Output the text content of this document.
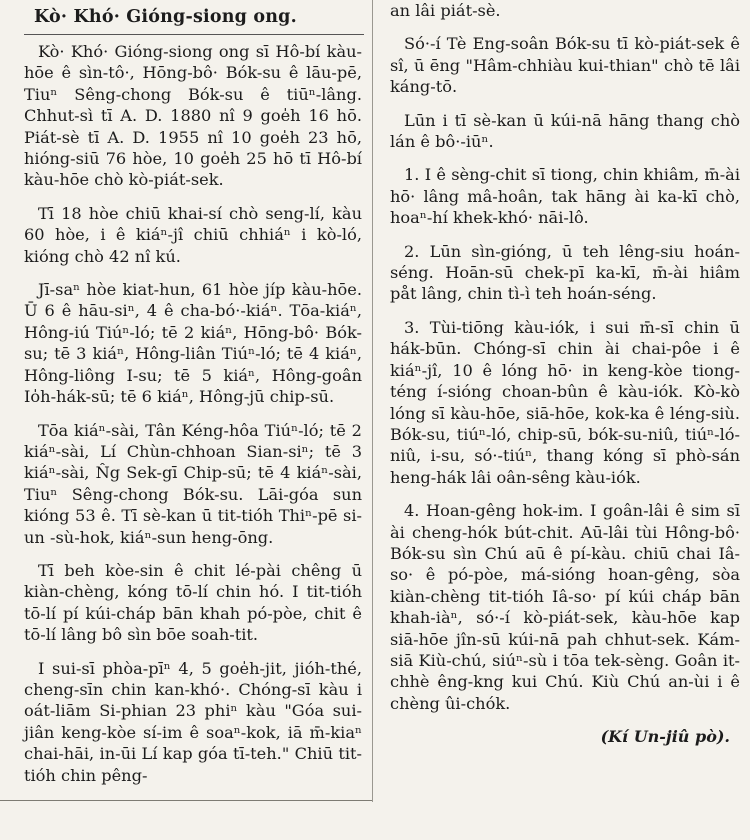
Kò· Khó· Gióng-siong ong.

Kò· Khó· Gióng-siong ong sī Hô-bí kàu-hōe ê sìn-tô·, Hōng-bô· Bók-su ê lāu-pē, Tiuⁿ Sêng-chong Bók-su ê tiūⁿ-lâng. Chhut-sì tī A. D. 1880 nî 9 goe̍h 16 hō. Piát-sè tī A. D. 1955 nî 10 goe̍h 23 hō, hióng-siū 76 hòe, 10 goe̍h 25 hō tī Hô-bí kàu-hōe chò kò-piát-sek.

Tī 18 hòe chiū khai-sí chò seng-lí, kàu 60 hòe, i ê kiáⁿ-jî chiū chhiáⁿ i kò-ló, kióng chò 42 nî kú.

Jī-saⁿ hòe kiat-hun, 61 hòe jíp kàu-hōe. Ū 6 ê hāu-siⁿ, 4 ê cha-bó·-kiáⁿ. Tōa-kiáⁿ, Hông-iú Tiúⁿ-ló; tē 2 kiáⁿ, Hōng-bô· Bók-su; tē 3 kiáⁿ, Hông-liân Tiúⁿ-ló; tē 4 kiáⁿ, Hông-liông I-su; tē 5 kiáⁿ, Hông-goân Io̍h-hák-sū; tē 6 kiáⁿ, Hông-jū chip-sū.

Tōa kiáⁿ-sài, Tân Kéng-hôa Tiúⁿ-ló; tē 2 kiáⁿ-sài, Lí Chùn-chhoan Sian-siⁿ; tē 3 kiáⁿ-sài, N̂g Sek-gī Chip-sū; tē 4 kiáⁿ-sài, Tiuⁿ Sêng-chong Bók-su. Lāi-góa sun kióng 53 ê. Tī sè-kan ū tit-tióh Thiⁿ-pē si-un -sù-hok, kiáⁿ-sun heng-ōng.

Tī beh kòe-sin ê chit lé-pài chêng ū kiàn-chèng, kóng tō-lí chin hó. I tit-tióh tō-lí pí kúi-cháp bān khah pó-pòe, chit ê tō-lí lâng bô sìn bōe soah-tit.

I sui-sī phòa-pīⁿ 4, 5 goe̍h-jit, jióh-thé, cheng-sīn chin kan-khó·. Chóng-sī kàu i oát-liām Si-phian 23 phiⁿ kàu "Góa sui-jiân keng-kòe sí-im ê soaⁿ-kok, iā m̄-kiaⁿ chai-hāi, in-ūi Lí kap góa tī-teh." Chiū tit-tióh chin pêng-

an lâi piát-sè.

Só·-í Tè Eng-soân Bók-su tī kò-piát-sek ê sî, ū ēng "Hâm-chhiàu kui-thian" chò tē lâi káng-tō.

Lūn i tī sè-kan ū kúi-nā hāng thang chò lán ê bô·-iūⁿ.

1. I ê sèng-chit sī tiong, chin khiâm, m̄-ài hō· lâng mâ-hoân, tak hāng ài ka-kī chò, hoaⁿ-hí khek-khó· nāi-lô.

2. Lūn sìn-gióng, ū teh lêng-siu hoán-séng. Hoān-sū chek-pī ka-kī, m̄-ài hiâm påt lâng, chin tì-ì teh hoán-séng.

3. Tùi-tiōng kàu-iók, i sui m̄-sī chin ū hák-būn. Chóng-sī chin ài chai-pôe i ê kiáⁿ-jî, 10 ê lóng hō· in keng-kòe tiong-téng í-sióng choan-bûn ê kàu-iók. Kò-kò lóng sī kàu-hōe, siā-hōe, kok-ka ê léng-siù. Bók-su, tiúⁿ-ló, chip-sū, bók-su-niû, tiúⁿ-ló-niû, i-su, só·-tiúⁿ, thang kóng sī phò-sán heng-hák lâi oân-sêng kàu-iók.

4. Hoan-gêng hok-im. I goân-lâi ê sim sī ài cheng-hók bút-chit. Aū-lâi tùi Hông-bô· Bók-su sìn Chú aū ê pí-kàu. chiū chai Iâ-so· ê pó-pòe, má-sióng hoan-gêng, sòa kiàn-chèng tit-tióh Iâ-so· pí kúi cháp bān khah-iàⁿ, só·-í kò-piát-sek, kàu-hōe kap siā-hōe jîn-sū kúi-nā pah chhut-sek. Kám-siā Kiù-chú, siúⁿ-sù i tōa tek-sèng. Goân it-chhè êng-kng kui Chú. Kiù Chú an-ùi i ê chèng ûi-chók.

(Kí Un-jiû pò).
